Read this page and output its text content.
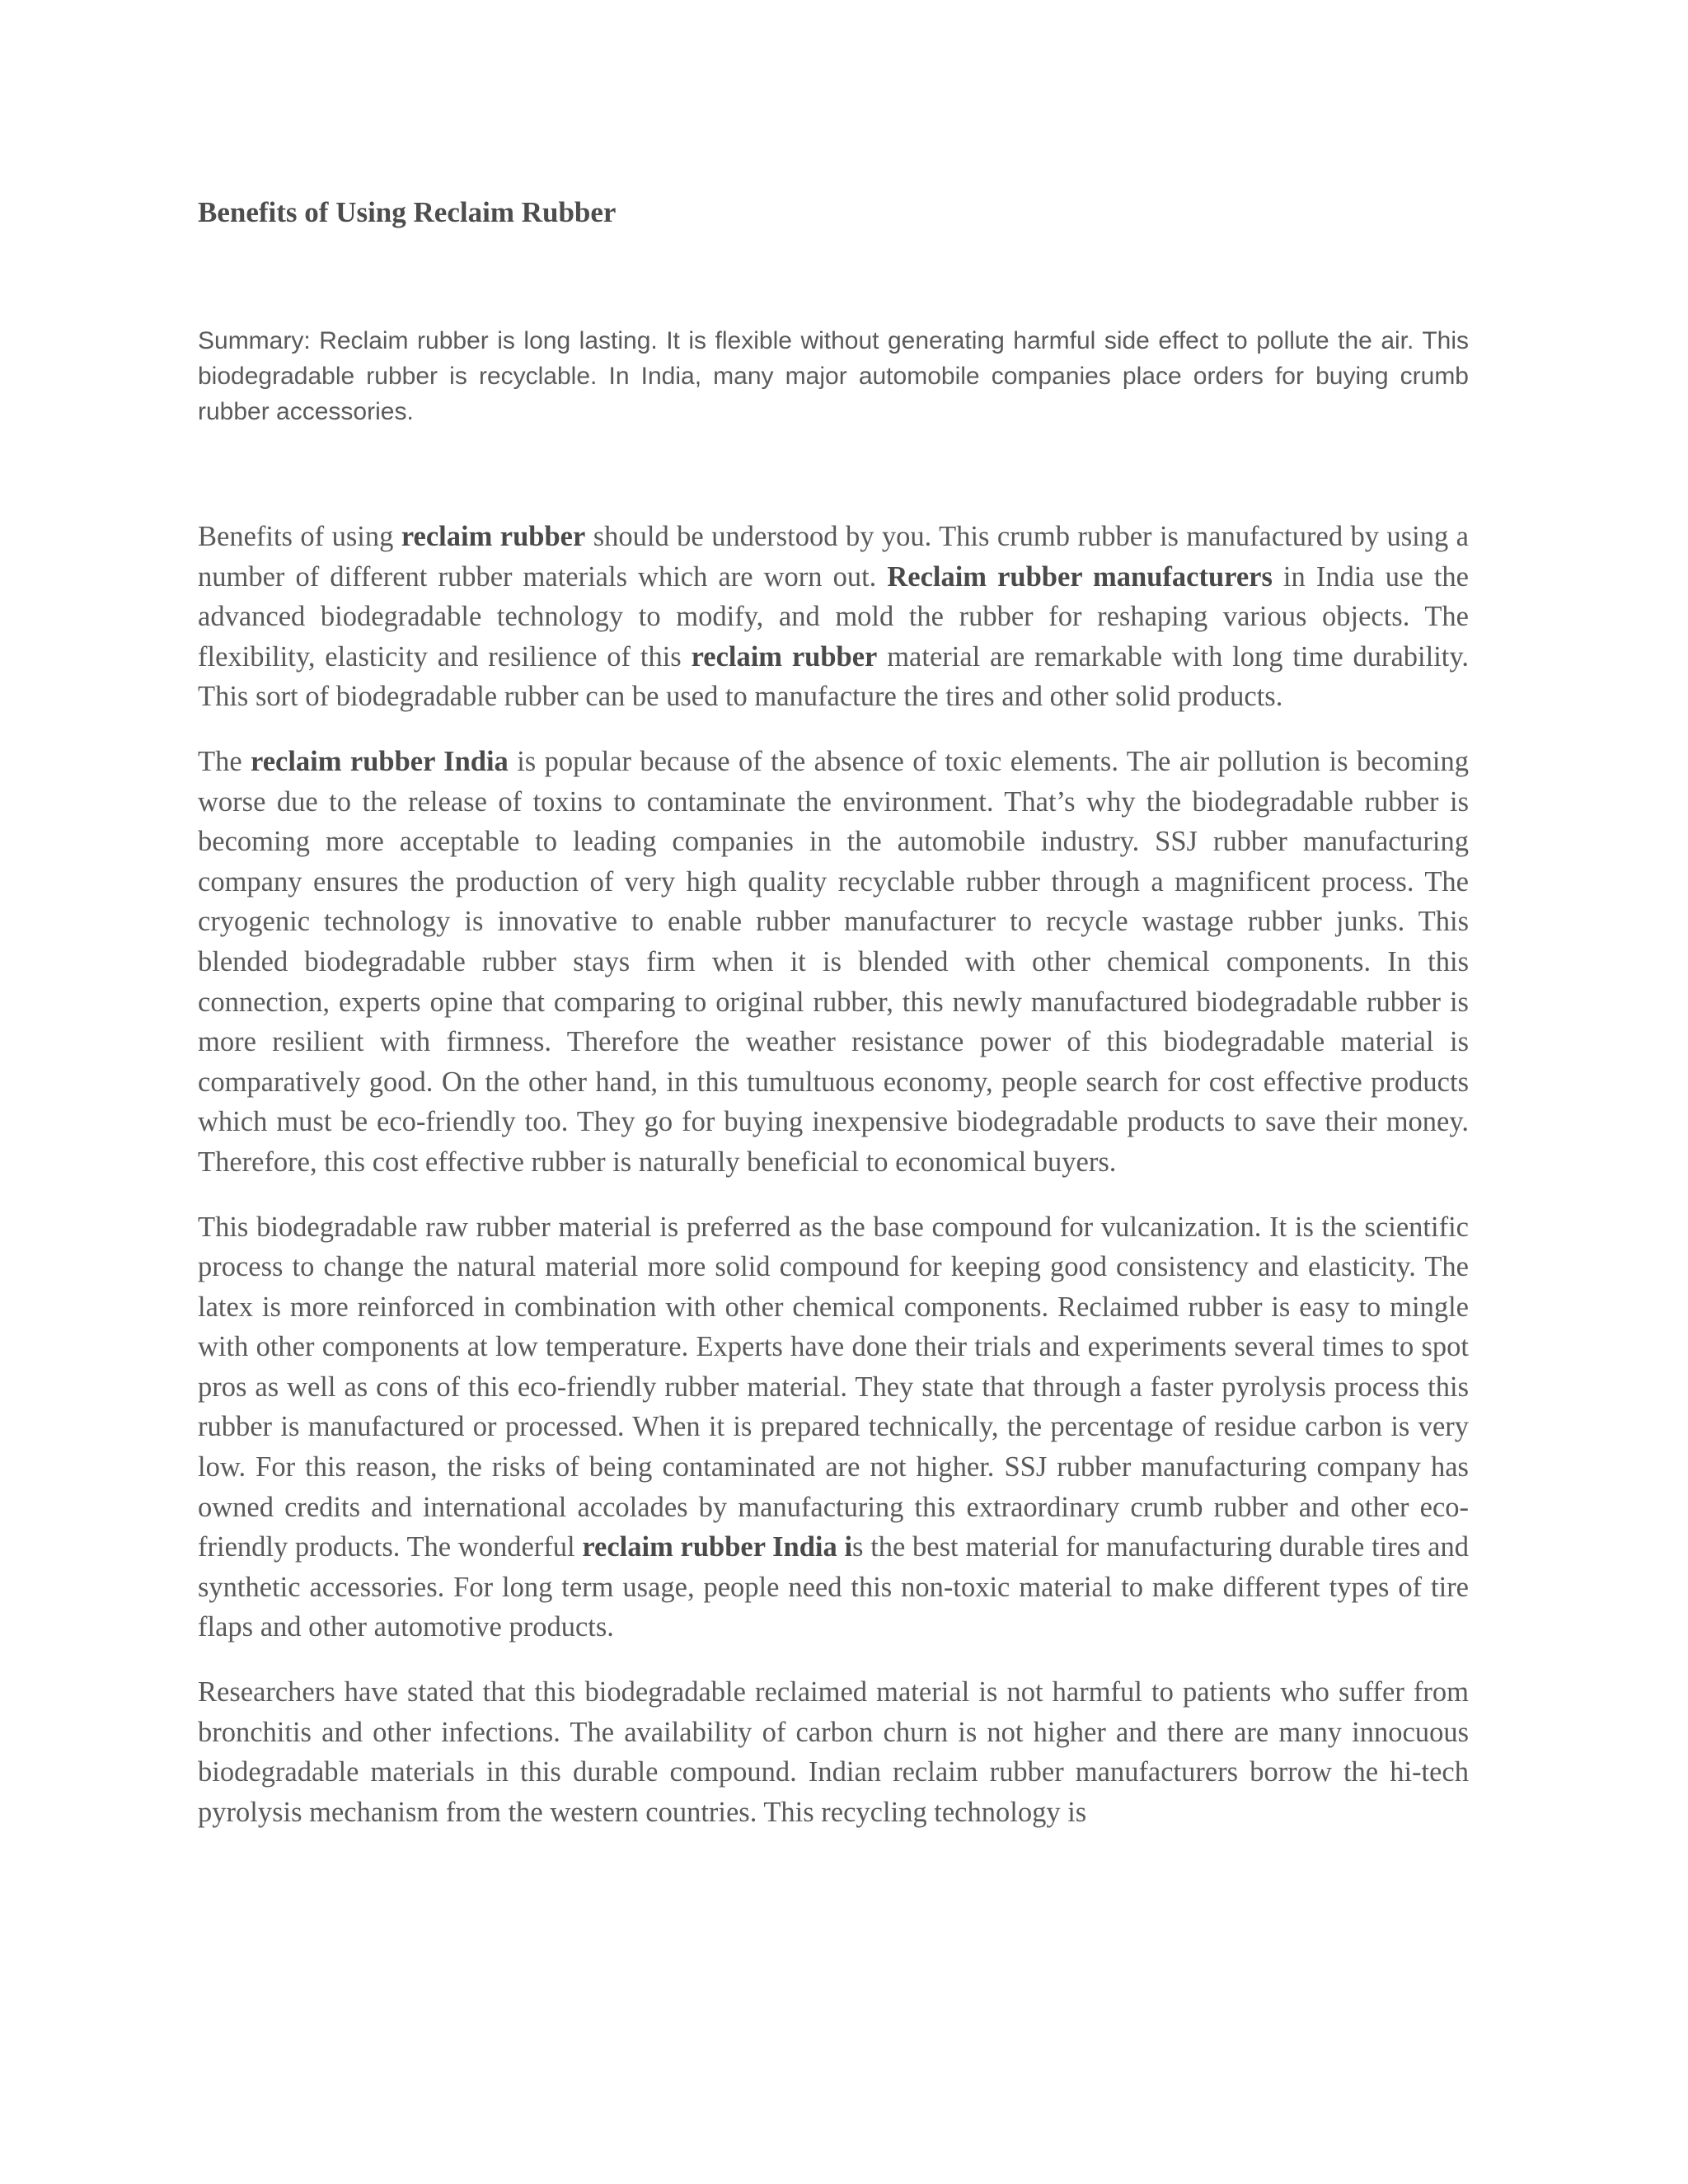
Benefits of Using Reclaim Rubber

Summary: Reclaim rubber is long lasting. It is flexible without generating harmful side effect to pollute the air. This biodegradable rubber is recyclable. In India, many major automobile companies place orders for buying crumb rubber accessories.

Benefits of using reclaim rubber should be understood by you. This crumb rubber is manufactured by using a number of different rubber materials which are worn out. Reclaim rubber manufacturers in India use the advanced biodegradable technology to modify, and mold the rubber for reshaping various objects. The flexibility, elasticity and resilience of this reclaim rubber material are remarkable with long time durability. This sort of biodegradable rubber can be used to manufacture the tires and other solid products.

The reclaim rubber India is popular because of the absence of toxic elements. The air pollution is becoming worse due to the release of toxins to contaminate the environment. That’s why the biodegradable rubber is becoming more acceptable to leading companies in the automobile industry. SSJ rubber manufacturing company ensures the production of very high quality recyclable rubber through a magnificent process. The cryogenic technology is innovative to enable rubber manufacturer to recycle wastage rubber junks. This blended biodegradable rubber stays firm when it is blended with other chemical components. In this connection, experts opine that comparing to original rubber, this newly manufactured biodegradable rubber is more resilient with firmness. Therefore the weather resistance power of this biodegradable material is comparatively good. On the other hand, in this tumultuous economy, people search for cost effective products which must be eco-friendly too. They go for buying inexpensive biodegradable products to save their money. Therefore, this cost effective rubber is naturally beneficial to economical buyers.

This biodegradable raw rubber material is preferred as the base compound for vulcanization. It is the scientific process to change the natural material more solid compound for keeping good consistency and elasticity. The latex is more reinforced in combination with other chemical components. Reclaimed rubber is easy to mingle with other components at low temperature. Experts have done their trials and experiments several times to spot pros as well as cons of this eco-friendly rubber material. They state that through a faster pyrolysis process this rubber is manufactured or processed. When it is prepared technically, the percentage of residue carbon is very low. For this reason, the risks of being contaminated are not higher. SSJ rubber manufacturing company has owned credits and international accolades by manufacturing this extraordinary crumb rubber and other eco-friendly products. The wonderful reclaim rubber India is the best material for manufacturing durable tires and synthetic accessories. For long term usage, people need this non-toxic material to make different types of tire flaps and other automotive products.

Researchers have stated that this biodegradable reclaimed material is not harmful to patients who suffer from bronchitis and other infections. The availability of carbon churn is not higher and there are many innocuous biodegradable materials in this durable compound. Indian reclaim rubber manufacturers borrow the hi-tech pyrolysis mechanism from the western countries. This recycling technology is
